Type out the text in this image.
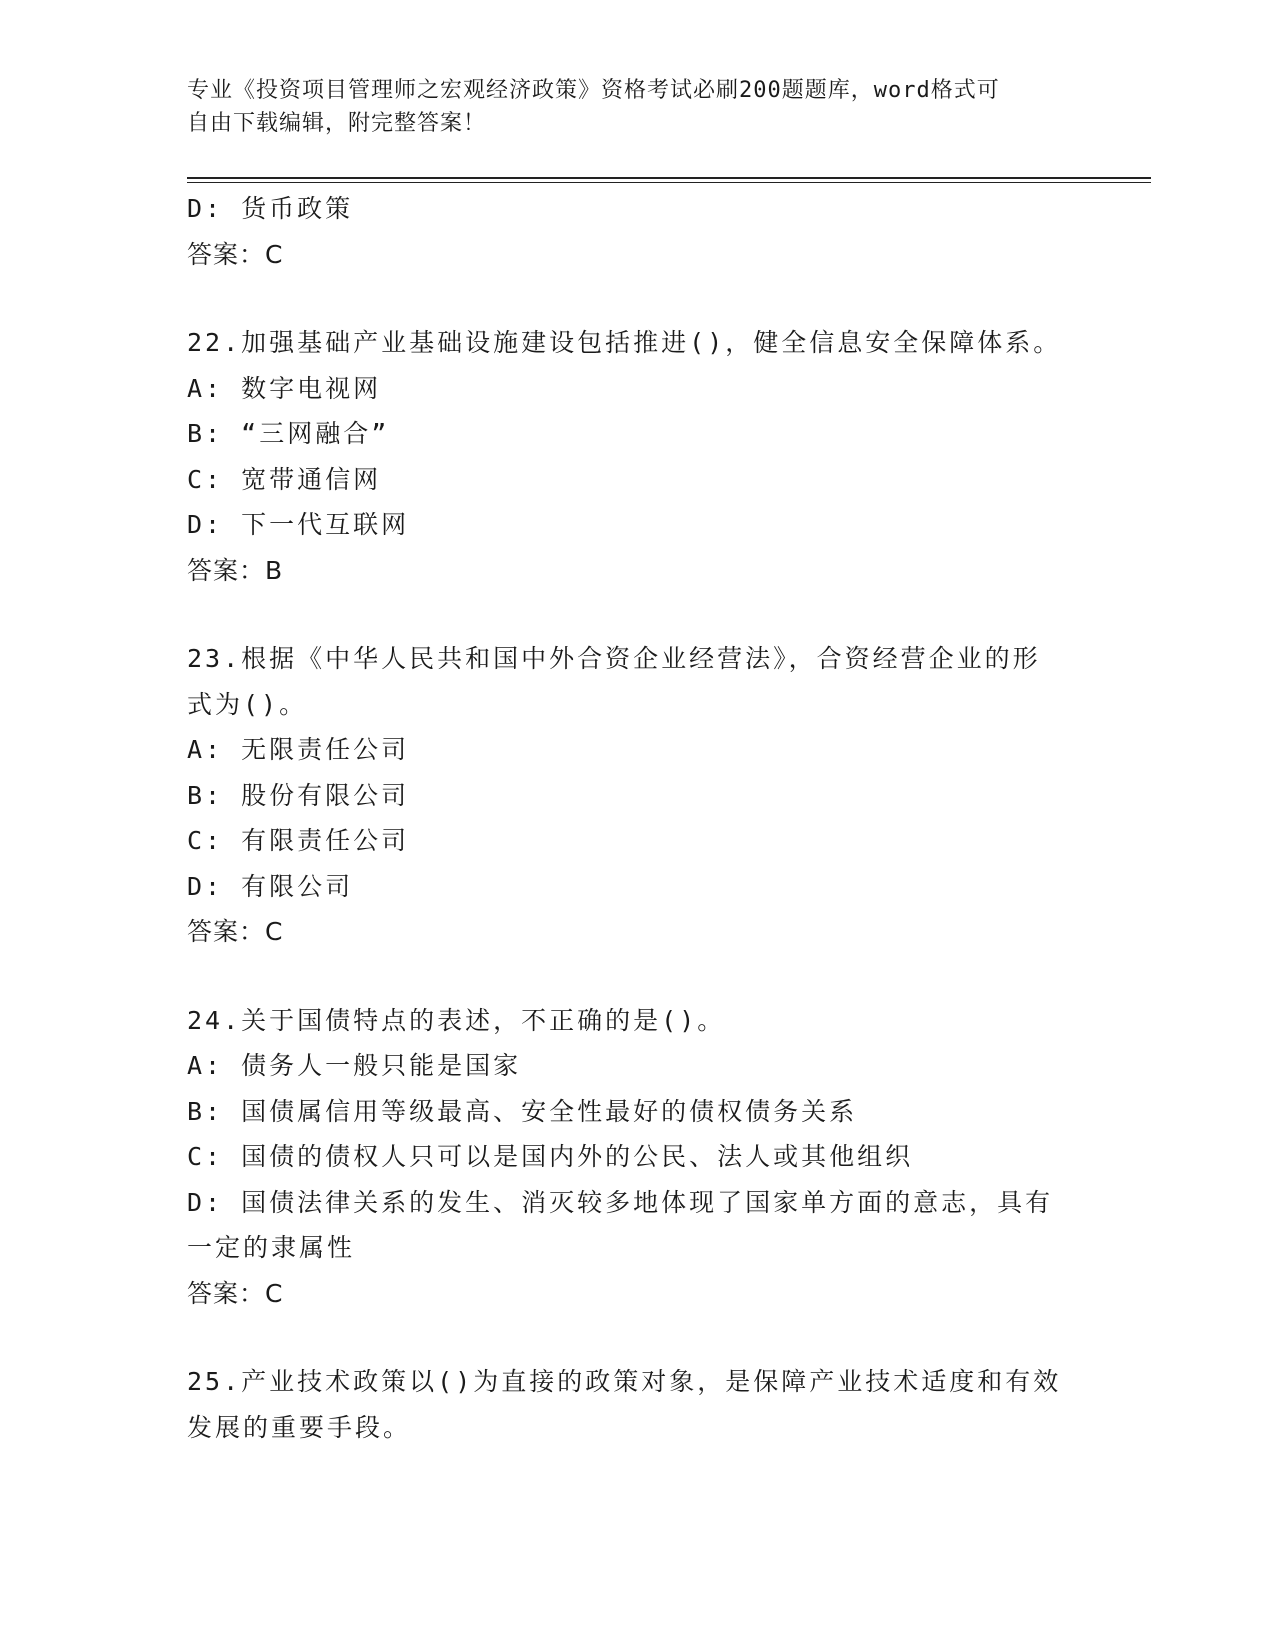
专业《投资项目管理师之宏观经济政策》资格考试必刷200题题库，word格式可
自由下载编辑，附完整答案！
D: 货币政策
答案：C
22.加强基础产业基础设施建设包括推进()，健全信息安全保障体系。
A: 数字电视网
B: “三网融合”
C: 宽带通信网
D: 下一代互联网
答案：B
23.根据《中华人民共和国中外合资企业经营法》，合资经营企业的形
式为()。
A: 无限责任公司
B: 股份有限公司
C: 有限责任公司
D: 有限公司
答案：C
24.关于国债特点的表述，不正确的是()。
A: 债务人一般只能是国家
B: 国债属信用等级最高、安全性最好的债权债务关系
C: 国债的债权人只可以是国内外的公民、法人或其他组织
D: 国债法律关系的发生、消灭较多地体现了国家单方面的意志，具有
一定的隶属性
答案：C
25.产业技术政策以()为直接的政策对象，是保障产业技术适度和有效
发展的重要手段。
